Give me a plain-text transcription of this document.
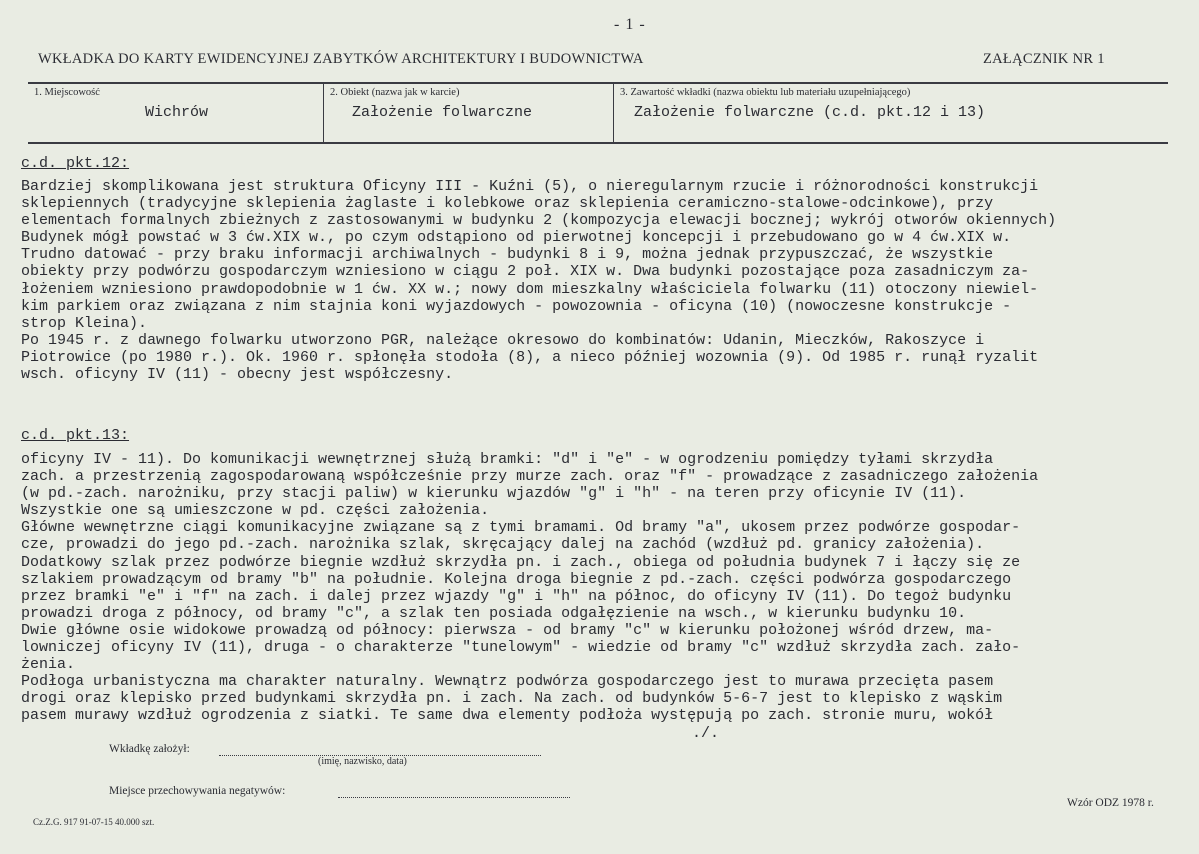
- 1 -
WKŁADKA DO KARTY EWIDENCYJNEJ ZABYTKÓW ARCHITEKTURY I BUDOWNICTWA	ZAŁĄCZNIK NR 1
1. Miejscowość
Wichrów
2. Obiekt (nazwa jak w karcie)
Założenie folwarczne
3. Zawartość wkładki (nazwa obiektu lub materiału uzupełniającego)
Założenie folwarczne (c.d. pkt.12 i 13)
c.d. pkt.12:
Bardziej skomplikowana jest struktura Oficyny III - Kuźni (5), o nieregularnym rzucie i różnorodności konstrukcji
sklepiennych (tradycyjne sklepienia żaglaste i kolebkowe oraz sklepienia ceramiczno-stalowe-odcinkowe), przy
elementach formalnych zbieżnych z zastosowanymi w budynku 2 (kompozycja elewacji bocznej; wykrój otworów okiennych)
Budynek mógł powstać w 3 ćw.XIX w., po czym odstąpiono od pierwotnej koncepcji i przebudowano go w 4 ćw.XIX w.
Trudno datować - przy braku informacji archiwalnych - budynki 8 i 9, można jednak przypuszczać, że wszystkie
obiekty przy podwórzu gospodarczym wzniesiono w ciągu 2 poł. XIX w. Dwa budynki pozostające poza zasadniczym za-
łożeniem wzniesiono prawdopodobnie w 1 ćw. XX w.; nowy dom mieszkalny właściciela folwarku (11) otoczony niewiel-
kim parkiem oraz związana z nim stajnia koni wyjazdowych - powozownia - oficyna (10) (nowoczesne konstrukcje -
strop Kleina).
Po 1945 r. z dawnego folwarku utworzono PGR, należące okresowo do kombinatów: Udanin, Mieczków, Rakoszyce i
Piotrowice (po 1980 r.). Ok. 1960 r. spłonęła stodoła (8), a nieco później wozownia (9). Od 1985 r. runął ryzalit
wsch. oficyny IV (11) - obecny jest współczesny.
c.d. pkt.13:
oficyny IV - 11). Do komunikacji wewnętrznej służą bramki: "d" i "e" - w ogrodzeniu pomiędzy tyłami skrzydła
zach. a przestrzenią zagospodarowaną współcześnie przy murze zach. oraz "f" - prowadzące z zasadniczego założenia
(w pd.-zach. narożniku, przy stacji paliw) w kierunku wjazdów "g" i "h" - na teren przy oficynie IV (11).
Wszystkie one są umieszczone w pd. części założenia.
Główne wewnętrzne ciągi komunikacyjne związane są z tymi bramami. Od bramy "a", ukosem przez podwórze gospodar-
cze, prowadzi do jego pd.-zach. narożnika szlak, skręcający dalej na zachód (wzdłuż pd. granicy założenia).
Dodatkowy szlak przez podwórze biegnie wzdłuż skrzydła pn. i zach., obiega od południa budynek 7 i łączy się ze
szlakiem prowadzącym od bramy "b" na południe. Kolejna droga biegnie z pd.-zach. części podwórza gospodarczego
przez bramki "e" i "f" na zach. i dalej przez wjazdy "g" i "h" na północ, do oficyny IV (11). Do tegoż budynku
prowadzi droga z północy, od bramy "c", a szlak ten posiada odgałęzienie na wsch., w kierunku budynku 10.
Dwie główne osie widokowe prowadzą od północy: pierwsza - od bramy "c" w kierunku położonej wśród drzew, ma-
lowniczej oficyny IV (11), druga - o charakterze "tunelowym" - wiedzie od bramy "c" wzdłuż skrzydła zach. zało-
żenia.
Podłoga urbanistyczna ma charakter naturalny. Wewnątrz podwórza gospodarczego jest to murawa przecięta pasem
drogi oraz klepisko przed budynkami skrzydła pn. i zach. Na zach. od budynków 5-6-7 jest to klepisko z wąskim
pasem murawy wzdłuż ogrodzenia z siatki. Te same dwa elementy podłoża występują po zach. stronie muru, wokół
./.
Wkładkę założył:
(imię, nazwisko, data)
Miejsce przechowywania negatywów:
Wzór ODZ 1978 r.
Cz.Z.G. 917 91-07-15 40.000 szt.
